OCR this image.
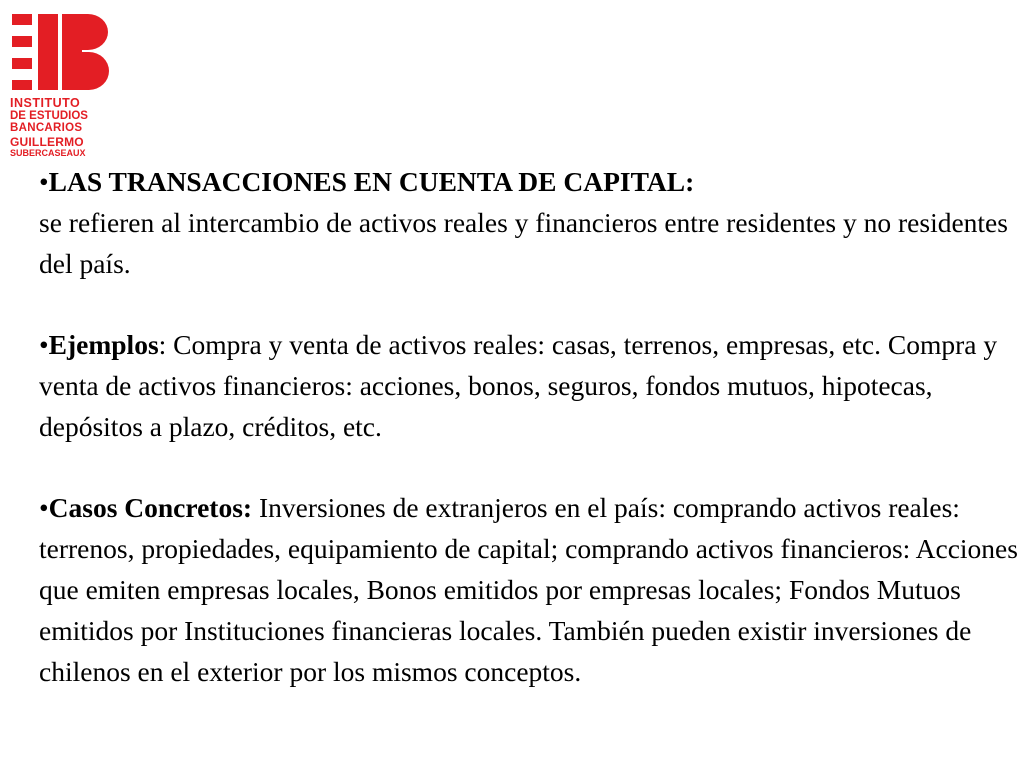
INSTITUTO
DE ESTUDIOS
BANCARIOS
GUILLERMO
SUBERCASEAUX

•LAS TRANSACCIONES EN CUENTA DE CAPITAL:
se refieren al intercambio de activos reales y financieros entre residentes y no residentes del país.

•Ejemplos: Compra y venta de activos reales: casas, terrenos, empresas, etc. Compra y venta de activos financieros: acciones, bonos, seguros, fondos mutuos, hipotecas, depósitos a plazo, créditos, etc.

•Casos Concretos: Inversiones de extranjeros en el país: comprando activos reales: terrenos, propiedades, equipamiento de capital; comprando activos financieros: Acciones que emiten empresas locales, Bonos emitidos por empresas locales; Fondos Mutuos emitidos por Instituciones financieras locales. También pueden existir inversiones de chilenos en el exterior por los mismos conceptos.
